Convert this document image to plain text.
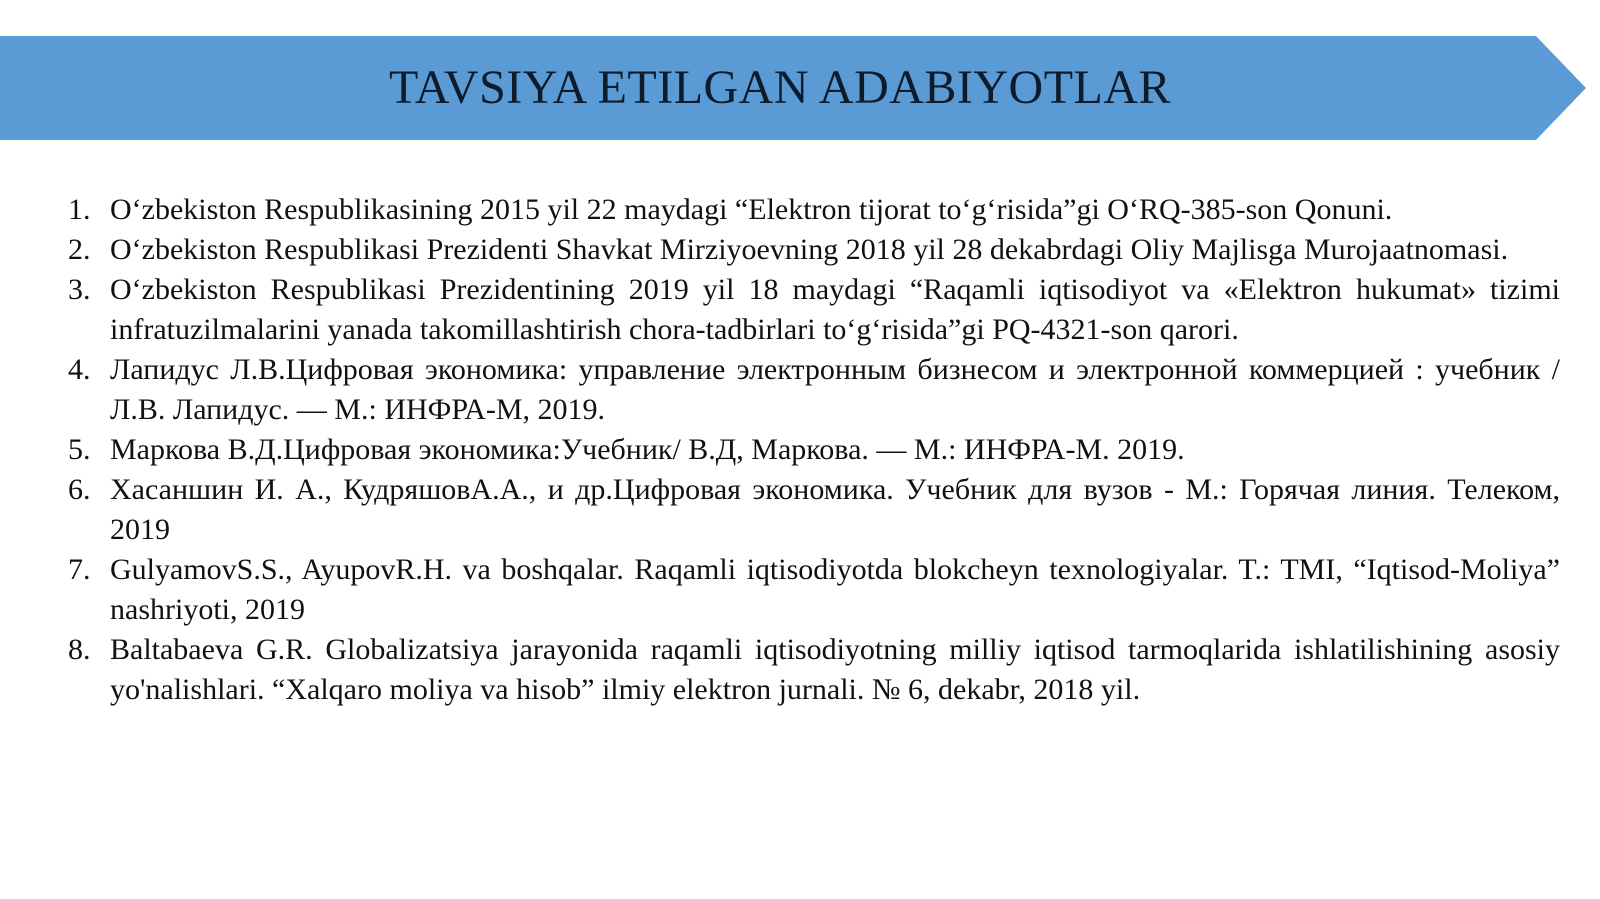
TAVSIYA ETILGAN ADABIYOTLAR
1. O‘zbekiston Respublikasining 2015 yil 22 maydagi “Elektron tijorat to‘g‘risida”gi O‘RQ-385-son Qonuni.
2. O‘zbekiston Respublikasi Prezidenti Shavkat Mirziyoevning 2018 yil 28 dekabrdagi Oliy Majlisga Murojaatnomasi.
3. O‘zbekiston Respublikasi Prezidentining 2019 yil 18 maydagi “Raqamli iqtisodiyot va «Elektron hukumat» tizimi infratuzilmalarini yanada takomillashtirish chora-tadbirlari to‘g‘risida”gi PQ-4321-son qarori.
4. Лапидус Л.В.Цифровая экономика: управление электронным бизнесом и электронной коммерцией : учебник / Л.В. Лапидус. — М.: ИНФРА-М, 2019.
5. Маркова В.Д.Цифровая экономика:Учебник/ В.Д, Маркова. — М.: ИНФРА-М. 2019.
6. Хасаншин И. А., КудряшовА.А., и др.Цифровая экономика. Учебник для вузов - М.: Горячая линия. Телеком, 2019
7. GulyamovS.S., AyupovR.H. va boshqalar. Raqamli iqtisodiyotda blokcheyn texnologiyalar. T.: TMI, “Iqtisod-Moliya” nashriyoti, 2019
8. Baltabaeva G.R. Globalizatsiya jarayonida raqamli iqtisodiyotning milliy iqtisod tarmoqlarida ishlatilishining asosiy yo'nalishlari. “Xalqaro moliya va hisob” ilmiy elektron jurnali. № 6, dekabr, 2018 yil.
